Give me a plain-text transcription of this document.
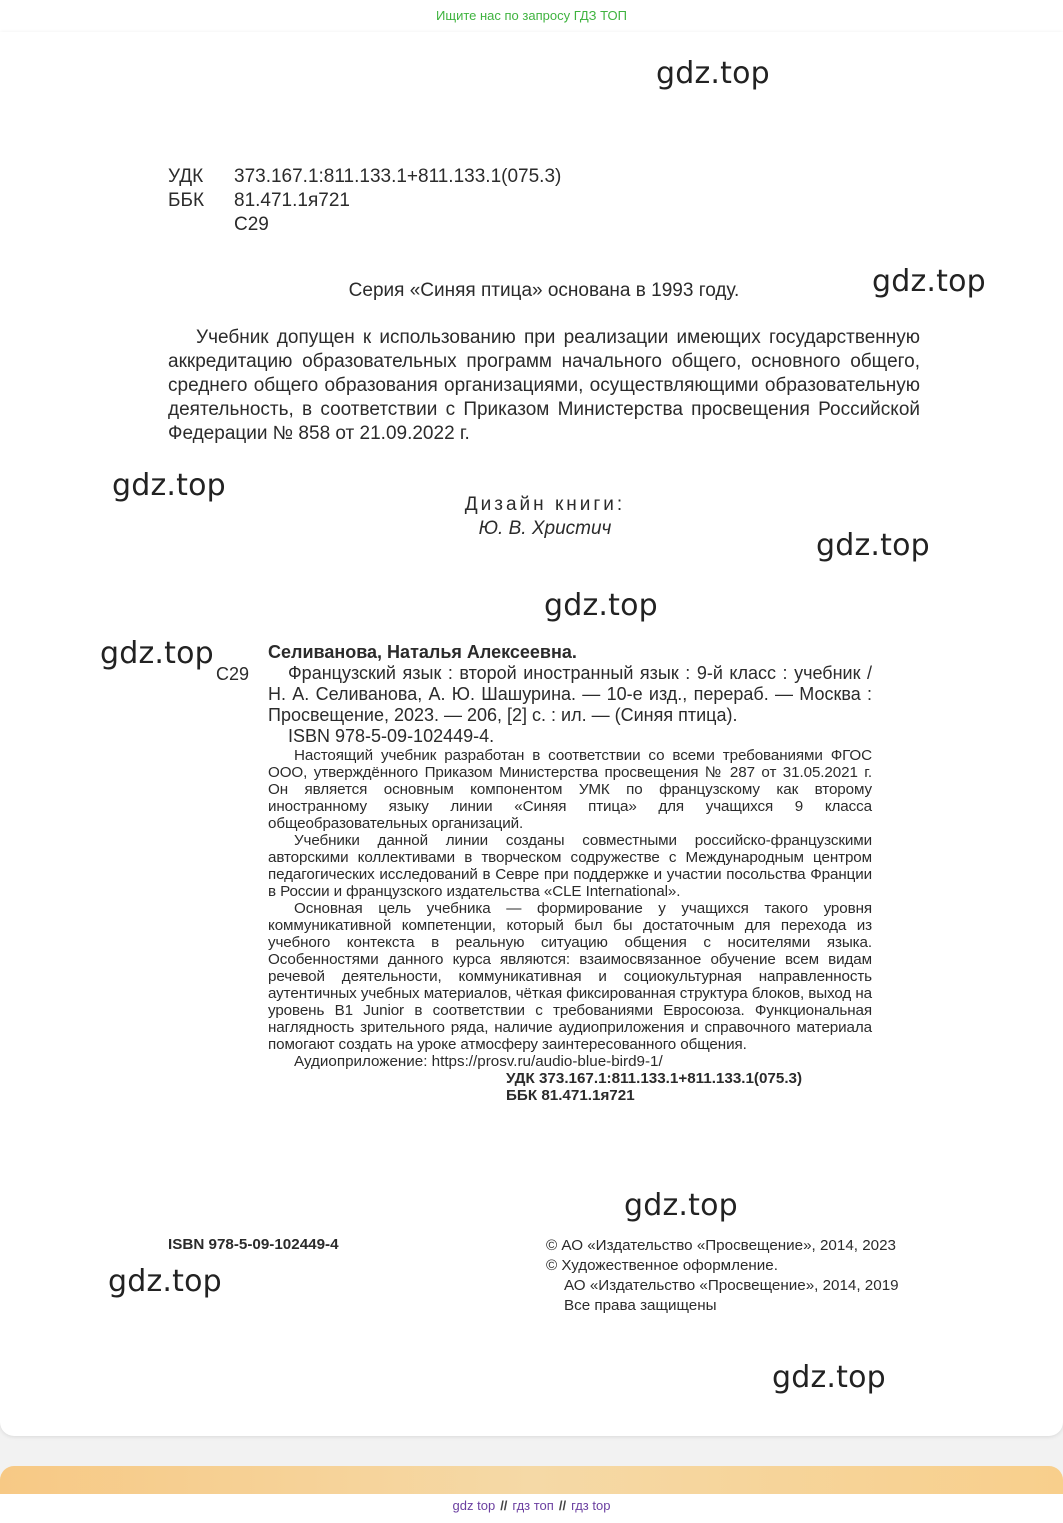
Ищите нас по запросу ГДЗ ТОП
gdz.top
УДК 373.167.1:811.133.1+811.133.1(075.3)
ББК 81.471.1я721
С29
Серия «Синяя птица» основана в 1993 году.	gdz.top

Учебник допущен к использованию при реализации имеющих государственную аккредитацию образовательных программ начального общего, основного общего, среднего общего образования организациями, осуществляющими образовательную деятельность, в соответствии с Приказом Министерства просвещения Российской Федерации № 858 от 21.09.2022 г.

gdz.top
Дизайн книги:
Ю. В. Христич	gdz.top
gdz.top
gdz.top
С29

Селиванова, Наталья Алексеевна.

Французский язык : второй иностранный язык : 9-й класс : учебник / Н. А. Селиванова, А. Ю. Шашурина. — 10-е изд., перераб. — Москва : Просвещение, 2023. — 206, [2] с. : ил. — (Синяя птица).

ISBN 978-5-09-102449-4.

Настоящий учебник разработан в соответствии со всеми требованиями ФГОС ООО, утверждённого Приказом Министерства просвещения № 287 от 31.05.2021 г. Он является основным компонентом УМК по французскому как второму иностранному языку линии «Синяя птица» для учащихся 9 класса общеобразовательных организаций.

Учебники данной линии созданы совместными российско-французскими авторскими коллективами в творческом содружестве с Международным центром педагогических исследований в Севре при поддержке и участии посольства Франции в России и французского издательства «CLE International».

Основная цель учебника — формирование у учащихся такого уровня коммуникативной компетенции, который был бы достаточным для перехода из учебного контекста в реальную ситуацию общения с носителями языка. Особенностями данного курса являются: взаимосвязанное обучение всем видам речевой деятельности, коммуникативная и социокультурная направленность аутентичных учебных материалов, чёткая фиксированная структура блоков, выход на уровень B1 Junior в соответствии с требованиями Евросоюза. Функциональная наглядность зрительного ряда, наличие аудиоприложения и справочного материала помогают создать на уроке атмосферу заинтересованного общения.

Аудиоприложение: https://prosv.ru/audio-blue-bird9-1/

УДК 373.167.1:811.133.1+811.133.1(075.3)

ББК 81.471.1я721

gdz.top
ISBN 978-5-09-102449-4	© АО «Издательство «Просвещение», 2014, 2023
© Художественное оформление.
АО «Издательство «Просвещение», 2014, 2019
Все права защищены
gdz.top
gdz.top
gdz top // гдз топ // гдз top
